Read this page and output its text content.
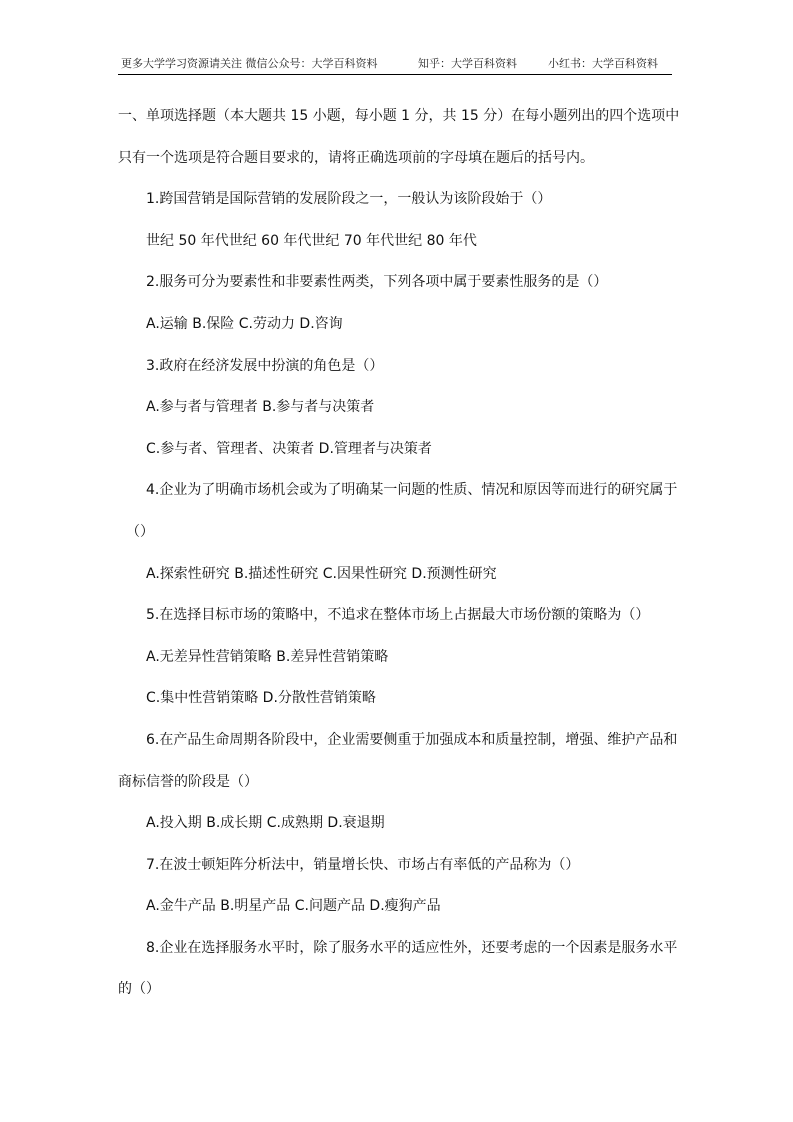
更多大学学习资源请关注 微信公众号：大学百科资料	知乎：大学百科资料	小红书：大学百科资料
一、单项选择题（本大题共 15 小题，每小题 1 分，共 15 分）在每小题列出的四个选项中
只有一个选项是符合题目要求的，请将正确选项前的字母填在题后的括号内。
1.跨国营销是国际营销的发展阶段之一，一般认为该阶段始于（）
世纪 50 年代世纪 60 年代世纪 70 年代世纪 80 年代
2.服务可分为要素性和非要素性两类，下列各项中属于要素性服务的是（）
A.运输 B.保险 C.劳动力 D.咨询
3.政府在经济发展中扮演的角色是（）
A.参与者与管理者 B.参与者与决策者
C.参与者、管理者、决策者 D.管理者与决策者
4.企业为了明确市场机会或为了明确某一问题的性质、情况和原因等而进行的研究属于
（）
A.探索性研究 B.描述性研究 C.因果性研究 D.预测性研究
5.在选择目标市场的策略中，不追求在整体市场上占据最大市场份额的策略为（）
A.无差异性营销策略 B.差异性营销策略
C.集中性营销策略 D.分散性营销策略
6.在产品生命周期各阶段中，企业需要侧重于加强成本和质量控制，增强、维护产品和
商标信誉的阶段是（）
A.投入期 B.成长期 C.成熟期 D.衰退期
7.在波士顿矩阵分析法中，销量增长快、市场占有率低的产品称为（）
A.金牛产品 B.明星产品 C.问题产品 D.瘦狗产品
8.企业在选择服务水平时，除了服务水平的适应性外，还要考虑的一个因素是服务水平
的（）
